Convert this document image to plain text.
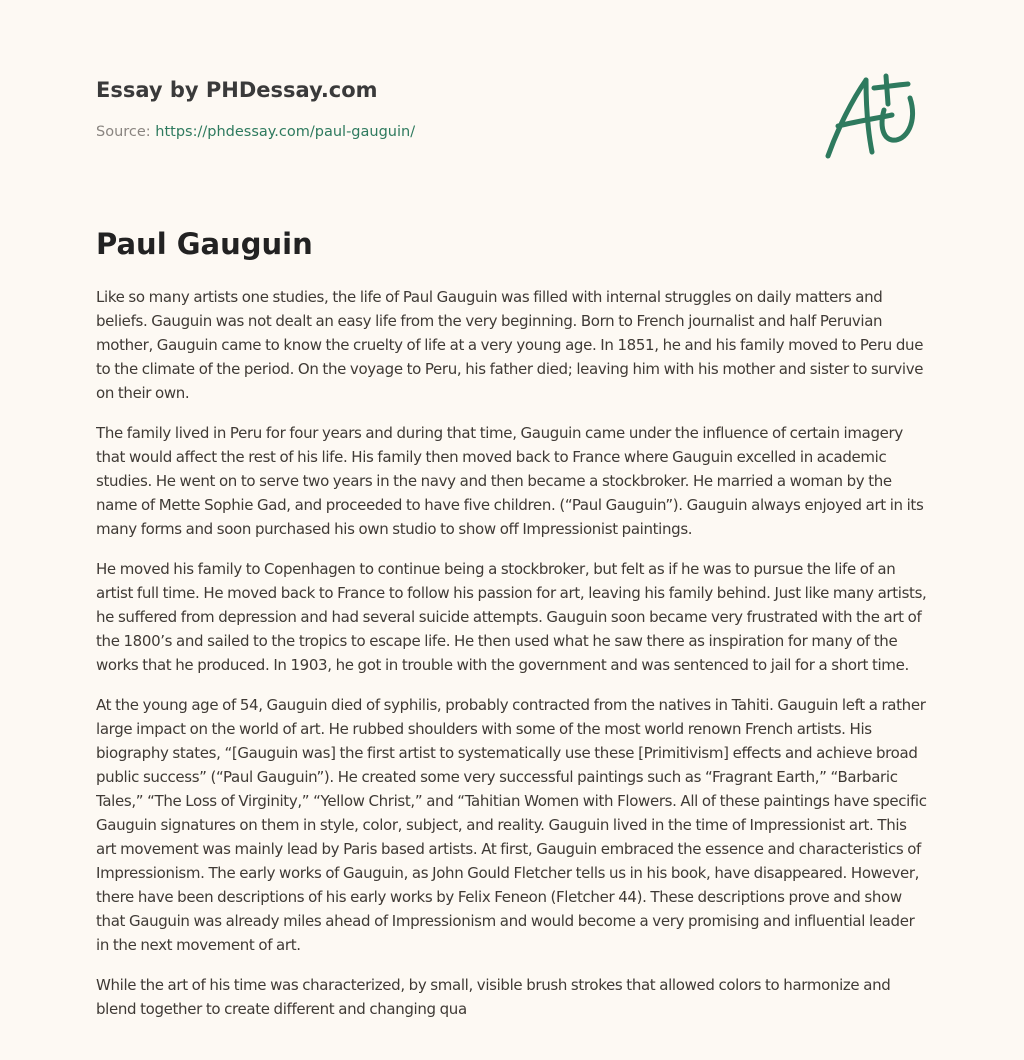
Essay by PHDessay.com
Source: https://phdessay.com/paul-gauguin/
Paul Gauguin

Like so many artists one studies, the life of Paul Gauguin was filled with internal struggles on daily matters and beliefs. Gauguin was not dealt an easy life from the very beginning. Born to French journalist and half Peruvian mother, Gauguin came to know the cruelty of life at a very young age. In 1851, he and his family moved to Peru due to the climate of the period. On the voyage to Peru, his father died; leaving him with his mother and sister to survive on their own.

The family lived in Peru for four years and during that time, Gauguin came under the influence of certain imagery that would affect the rest of his life. His family then moved back to France where Gauguin excelled in academic studies. He went on to serve two years in the navy and then became a stockbroker. He married a woman by the name of Mette Sophie Gad, and proceeded to have five children. (“Paul Gauguin”). Gauguin always enjoyed art in its many forms and soon purchased his own studio to show off Impressionist paintings.

He moved his family to Copenhagen to continue being a stockbroker, but felt as if he was to pursue the life of an artist full time. He moved back to France to follow his passion for art, leaving his family behind. Just like many artists, he suffered from depression and had several suicide attempts. Gauguin soon became very frustrated with the art of the 1800’s and sailed to the tropics to escape life. He then used what he saw there as inspiration for many of the works that he produced. In 1903, he got in trouble with the government and was sentenced to jail for a short time.

At the young age of 54, Gauguin died of syphilis, probably contracted from the natives in Tahiti. Gauguin left a rather large impact on the world of art. He rubbed shoulders with some of the most world renown French artists. His biography states, “[Gauguin was] the first artist to systematically use these [Primitivism] effects and achieve broad public success” (“Paul Gauguin”). He created some very successful paintings such as “Fragrant Earth,” “Barbaric Tales,” “The Loss of Virginity,” “Yellow Christ,” and “Tahitian Women with Flowers. All of these paintings have specific Gauguin signatures on them in style, color, subject, and reality. Gauguin lived in the time of Impressionist art. This art movement was mainly lead by Paris based artists. At first, Gauguin embraced the essence and characteristics of Impressionism. The early works of Gauguin, as John Gould Fletcher tells us in his book, have disappeared. However, there have been descriptions of his early works by Felix Feneon (Fletcher 44). These descriptions prove and show that Gauguin was already miles ahead of Impressionism and would become a very promising and influential leader in the next movement of art.

While the art of his time was characterized, by small, visible brush strokes that allowed colors to harmonize and blend together to create different and changing qua
